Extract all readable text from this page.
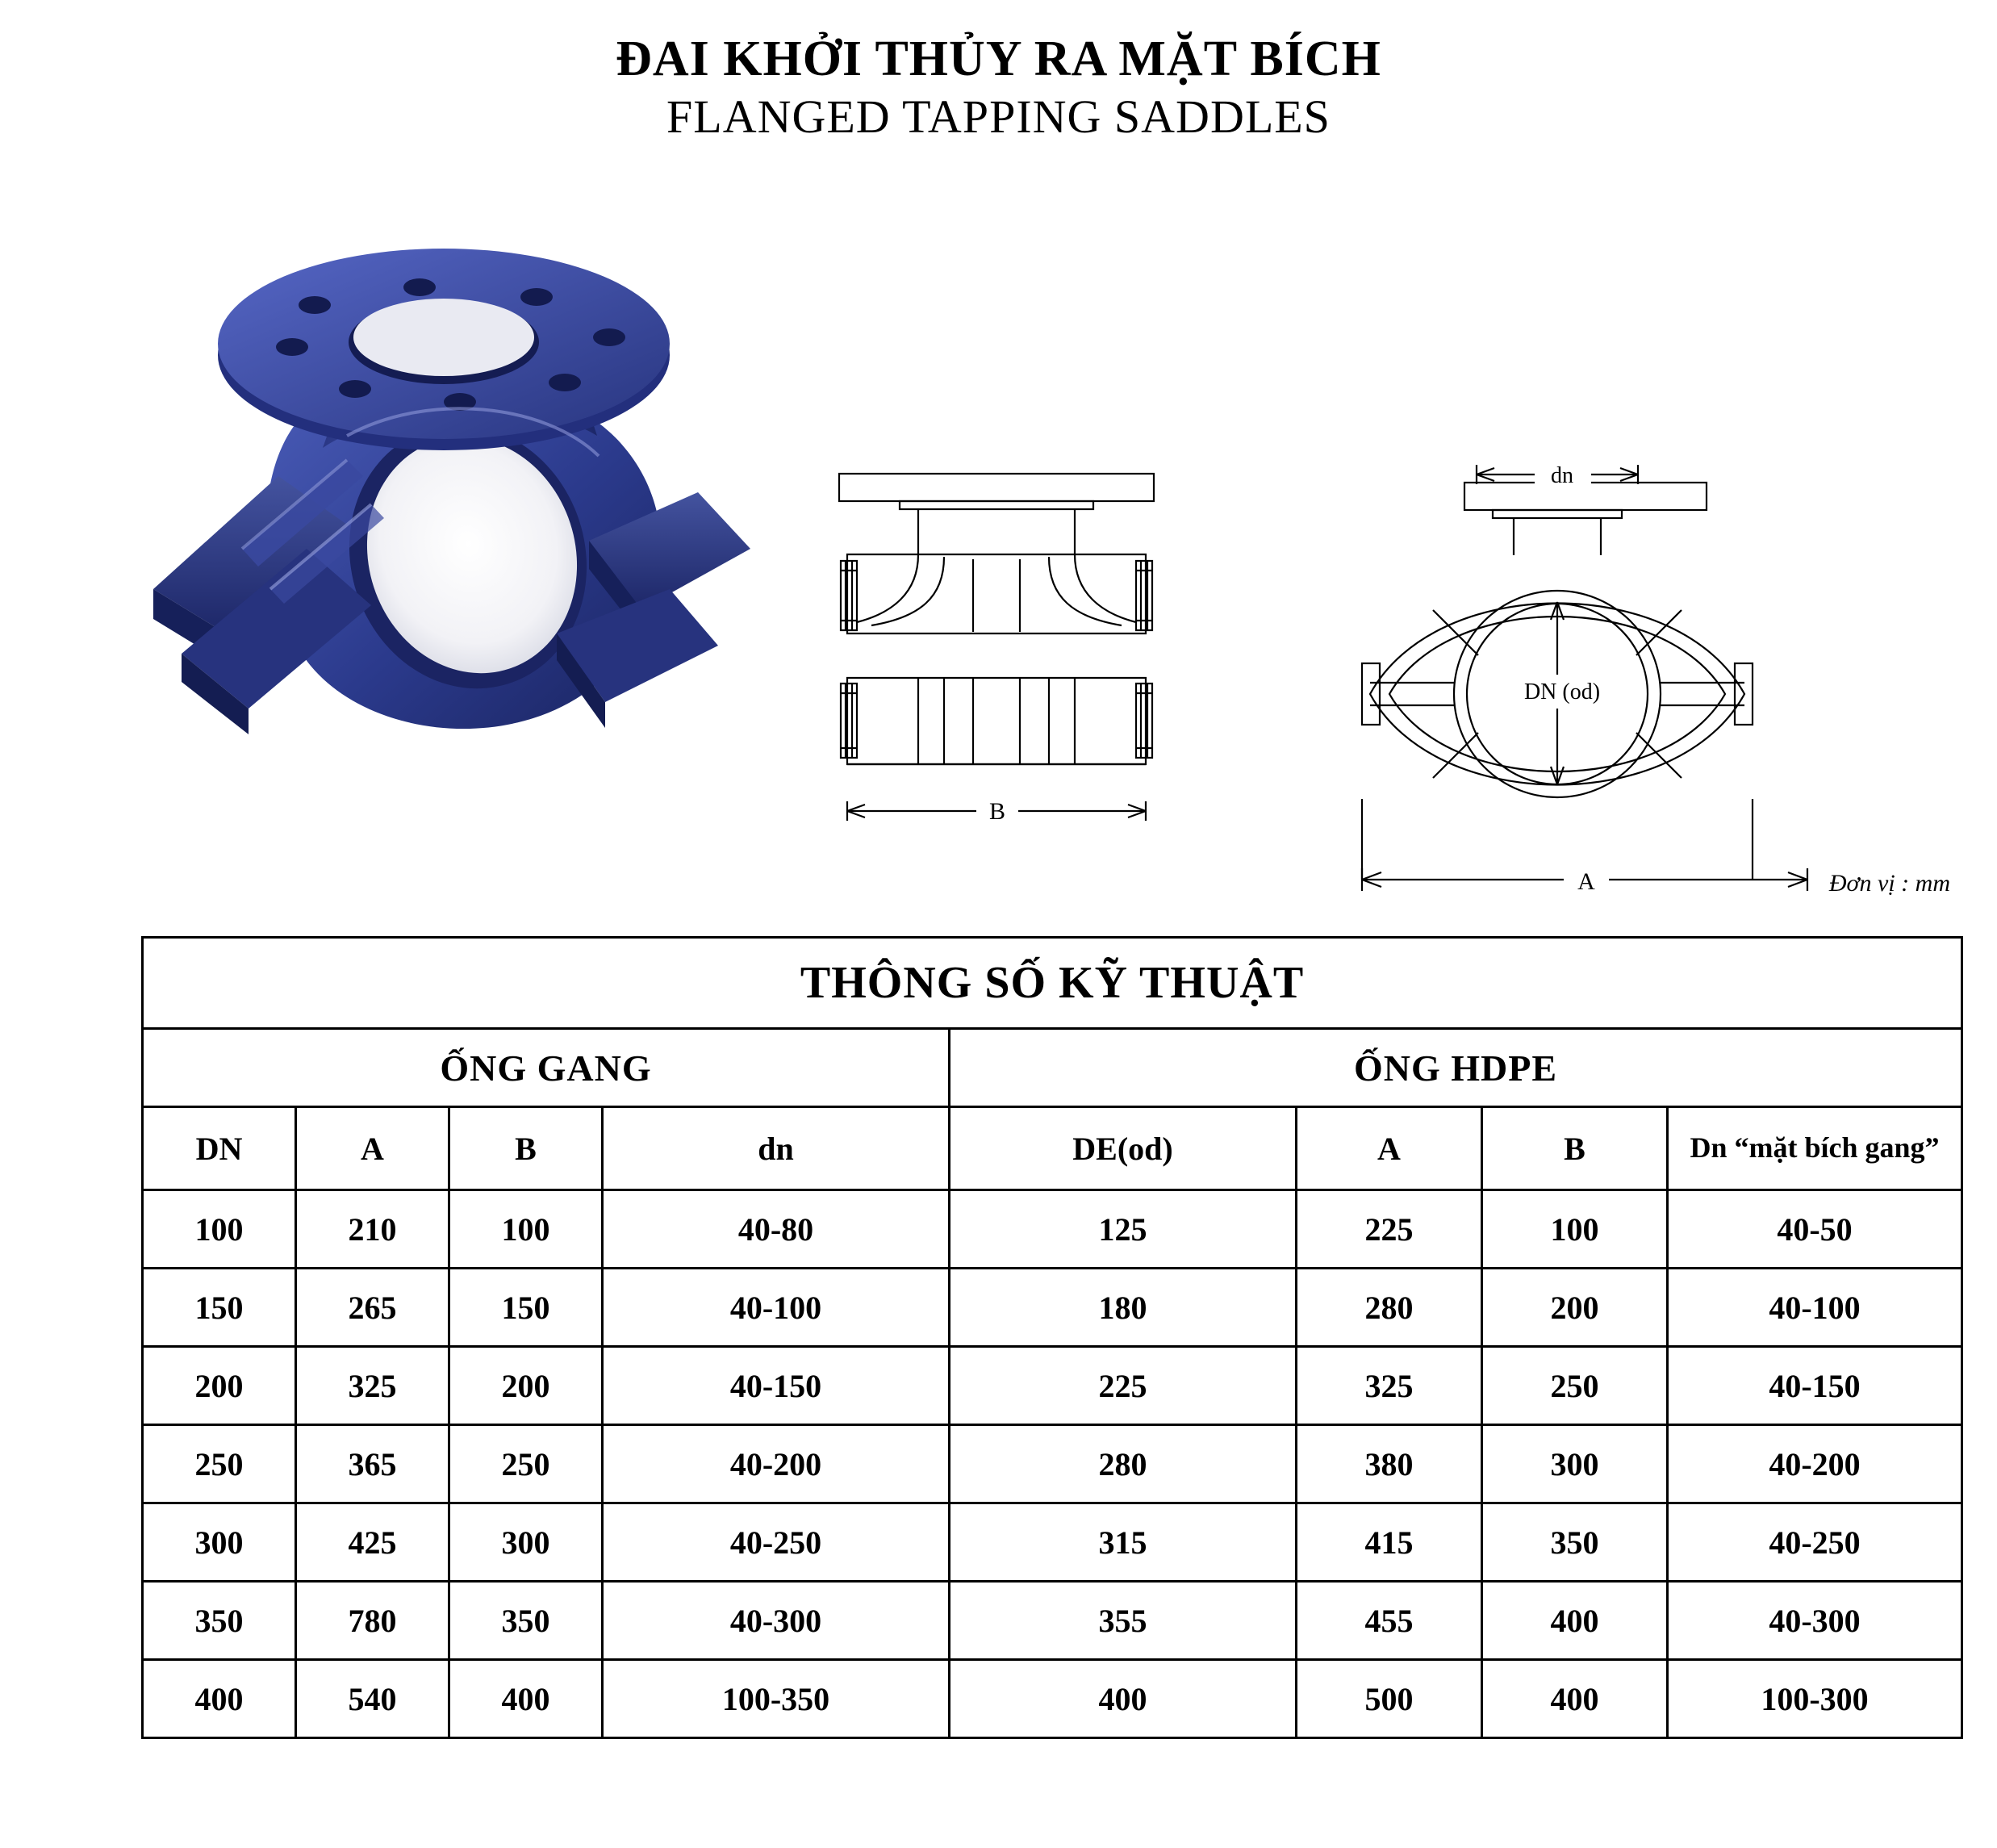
ĐAI KHỞI THỦY RA MẶT BÍCH
FLANGED TAPPING SADDLES
B
DN (od)
dn
A	Đơn vị : mm
THÔNG SỐ KỸ THUẬT							
ỐNG GANG				ỐNG HDPE			
DN	A	B	dn	DE(od)	A	B	Dn “mặt bích gang”
100	210	100	40-80	125	225	100	40-50
150	265	150	40-100	180	280	200	40-100
200	325	200	40-150	225	325	250	40-150
250	365	250	40-200	280	380	300	40-200
300	425	300	40-250	315	415	350	40-250
350	780	350	40-300	355	455	400	40-300
400	540	400	100-350	400	500	400	100-300
